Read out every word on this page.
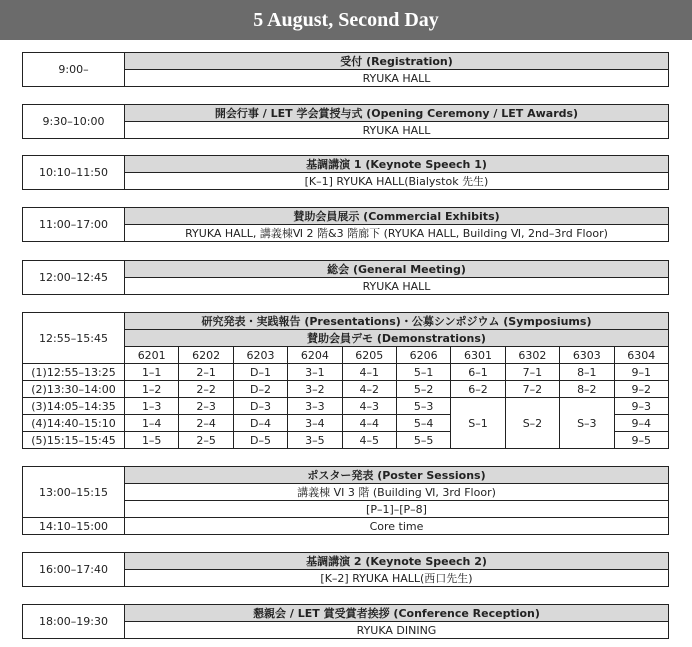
5 August, Second Day
9:00–	受付 (Registration)
RYUKA HALL
9:30–10:00	開会行事 / LET 学会賞授与式 (Opening Ceremony / LET Awards)
RYUKA HALL
10:10–11:50	基調講演 1 (Keynote Speech 1)
[K–1] RYUKA HALL(Bialystok 先生)
11:00–17:00	賛助会員展示 (Commercial Exhibits)
RYUKA HALL, 講義棟Ⅵ 2 階&3 階廊下 (RYUKA HALL, Building Ⅵ, 2nd–3rd Floor)
12:00–12:45	総会 (General Meeting)
RYUKA HALL
12:55–15:45	研究発表・実践報告 (Presentations)・公募シンポジウム (Symposiums)									
	賛助会員デモ (Demonstrations)									
	6201	6202	6203	6204	6205	6206	6301	6302	6303	6304
(1)12:55–13:25	1–1	2–1	D–1	3–1	4–1	5–1	6–1	7–1	8–1	9–1
(2)13:30–14:00	1–2	2–2	D–2	3–2	4–2	5–2	6–2	7–2	8–2	9–2
(3)14:05–14:35	1–3	2–3	D–3	3–3	4–3	5–3	S–1	S–2	S–3	9–3
(4)14:40–15:10	1–4	2–4	D–4	3–4	4–4	5–4				9–4
(5)15:15–15:45	1–5	2–5	D–5	3–5	4–5	5–5				9–5
13:00–15:15	ポスター発表 (Poster Sessions)
	講義棟 VI 3 階 (Building Ⅵ, 3rd Floor)
	[P–1]–[P–8]
14:10–15:00	Core time
16:00–17:40	基調講演 2 (Keynote Speech 2)
[K–2] RYUKA HALL(西口先生)
18:00–19:30	懇親会 / LET 賞受賞者挨拶 (Conference Reception)
RYUKA DINING
